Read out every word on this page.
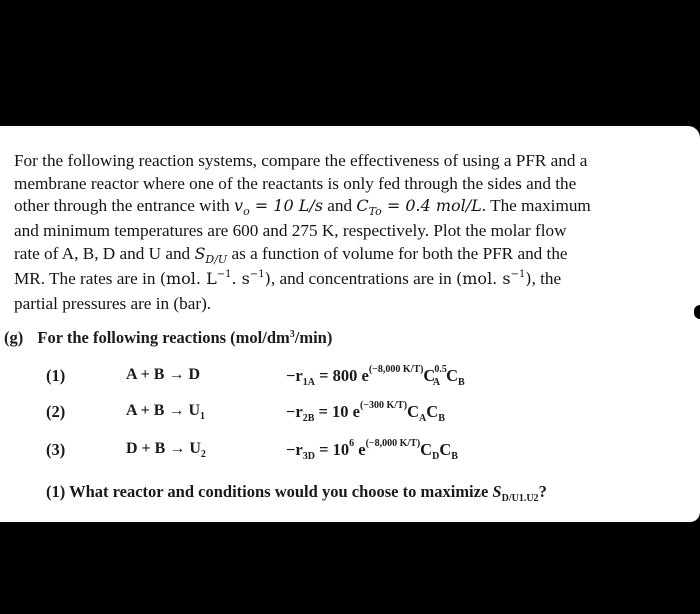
For the following reaction systems, compare the effectiveness of using a PFR and a
membrane reactor where one of the reactants is only fed through the sides and the
other through the entrance with $v_o = 10$ L/s and $C_{To} = 0.4$ mol/L. The maximum
and minimum temperatures are 600 and 275 K, respectively. Plot the molar flow
rate of A, B, D and U and $S_{D/U}$ as a function of volume for both the PFR and the
MR. The rates are in (mol. $L^{-1}$. $s^{-1}$), and concentrations are in (mol. $s^{-1}$), the
partial pressures are in (bar).
(g) For the following reactions $(mol/dm^3/\min)$
(1)	A + B → D	$-r_{1A} = 800$ $e^{(-8,000 K/T)}C^{0.5}_A$ $C_B$
(2)	$A + B \to U_1$	$-r_{2B} = 10$ $e^{(-300 K/T)}C_AC_B$
(3)	$D + B \to U_2$	$-r_{3D} = 10^6$ $e^{(-8,000 K/T)}C_DC_B$
(1) What reactor and conditions would you choose to maximize $S_{D/U1.U2}$?
